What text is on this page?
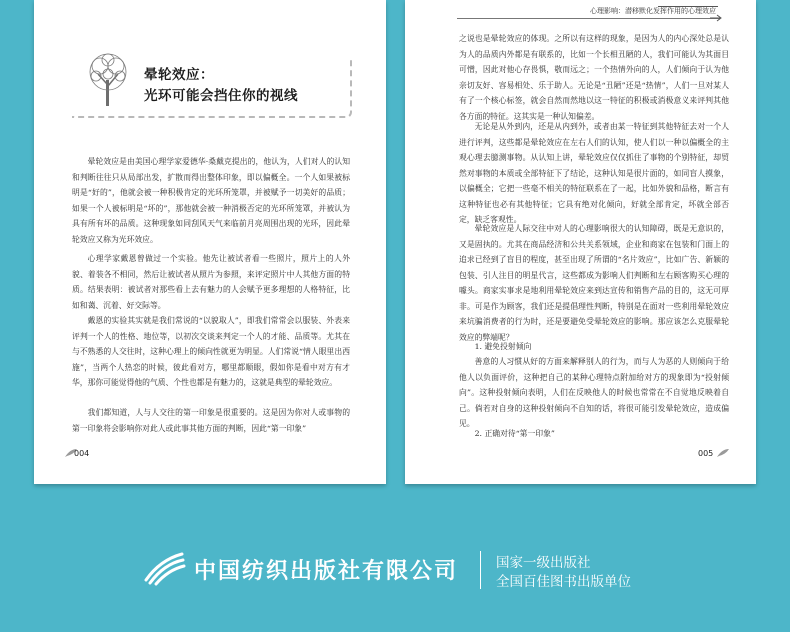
晕轮效应：
光环可能会挡住你的视线

晕轮效应是由美国心理学家爱德华·桑戴克提出的，他认为，人们对人的认知和判断往往只从局部出发，扩散而得出整体印象，即以偏概全。一个人如果被标明是“好的”，他就会被一种积极肯定的光环所笼罩，并被赋予一切美好的品质；如果一个人被标明是“坏的”，那他就会被一种消极否定的光环所笼罩，并被认为具有所有坏的品质。这种现象如同刮风天气来临前月亮周围出现的光环，因此晕轮效应又称为光环效应。

心理学家戴恩曾做过一个实验。他先让被试者看一些照片，照片上的人外貌、着装各不相同，然后让被试者从照片为参照，来评定照片中人其他方面的特质。结果表明：被试者对那些看上去有魅力的人会赋予更多理想的人格特征，比如和蔼、沉着、好交际等。

戴恩的实验其实就是我们常说的“以貌取人”，即我们常常会以服装、外表来评判一个人的性格、地位等，以初次交谈来判定一个人的才能、品质等。尤其在与不熟悉的人交往时，这种心理上的倾向性就更为明显。人们常说“情人眼里出西施”，当两个人热恋的时候，彼此看对方，哪里都顺眼，假如你是看中对方有才华，那你可能觉得他的气质、个性也都是有魅力的，这就是典型的晕轮效应。

我们都知道，人与人交往的第一印象是很重要的。这是因为你对人或事物的第一印象将会影响你对此人或此事其他方面的判断，因此“第一印象”

004
心理影响：潜移默化发挥作用的心理效应

之说也是晕轮效应的体现。之所以有这样的现象，是因为人的内心深处总是认为人的品质内外都是有联系的，比如一个长相丑陋的人，我们可能认为其面目可憎，因此对他心存畏惧，敬而远之；一个热情外向的人，人们倾向于认为他亲切友好、容易相处、乐于助人。无论是“丑陋”还是“热情”，人们一旦对某人有了一个核心标签，就会自然而然地以这一特征的积极或消极意义来评判其他各方面的特征。这其实是一种认知偏差。

无论是从外到内，还是从内到外，或者由某一特征到其他特征去对一个人进行评判，这些都是晕轮效应在左右人们的认知，使人们以一种以偏概全的主观心理去臆测事物。从认知上讲，晕轮效应仅仅抓住了事物的个别特征，却贸然对事物的本质或全部特征下了结论，这种认知是很片面的，如同盲人摸象，以偏概全；它把一些毫不相关的特征联系在了一起，比如外貌和品格，断言有这种特征也必有其他特征；它具有绝对化倾向，好就全部肯定，坏就全部否定，缺乏客观性。

晕轮效应是人际交往中对人的心理影响很大的认知障碍，既是无意识的，又是固执的。尤其在商品经济和公共关系领域，企业和商家在包装和门面上的追求已经到了盲目的程度，甚至出现了所谓的“名片效应”，比如广告、新颖的包装、引人注目的明星代言，这些都成为影响人们判断和左右顾客购买心理的噱头。商家实事求是地利用晕轮效应来到达宣传和销售产品的目的，这无可厚非。可是作为顾客，我们还是提倡理性判断，特别是在面对一些利用晕轮效应来坑骗消费者的行为时，还是要避免受晕轮效应的影响。那应该怎么克服晕轮效应的弊端呢？

1. 避免投射倾向

善意的人习惯从好的方面来解释别人的行为，而与人为恶的人则倾向于给他人以负面评价，这种把自己的某种心理特点附加给对方的现象即为“投射倾向”。这种投射倾向表明，人们在反映他人的时候也常常在不自觉地反映着自己。倘若对自身的这种投射倾向不自知的话，将很可能引发晕轮效应，造成偏见。

2. 正确对待“第一印象”

005
中国纺织出版社有限公司	国家一级出版社
全国百佳图书出版单位
